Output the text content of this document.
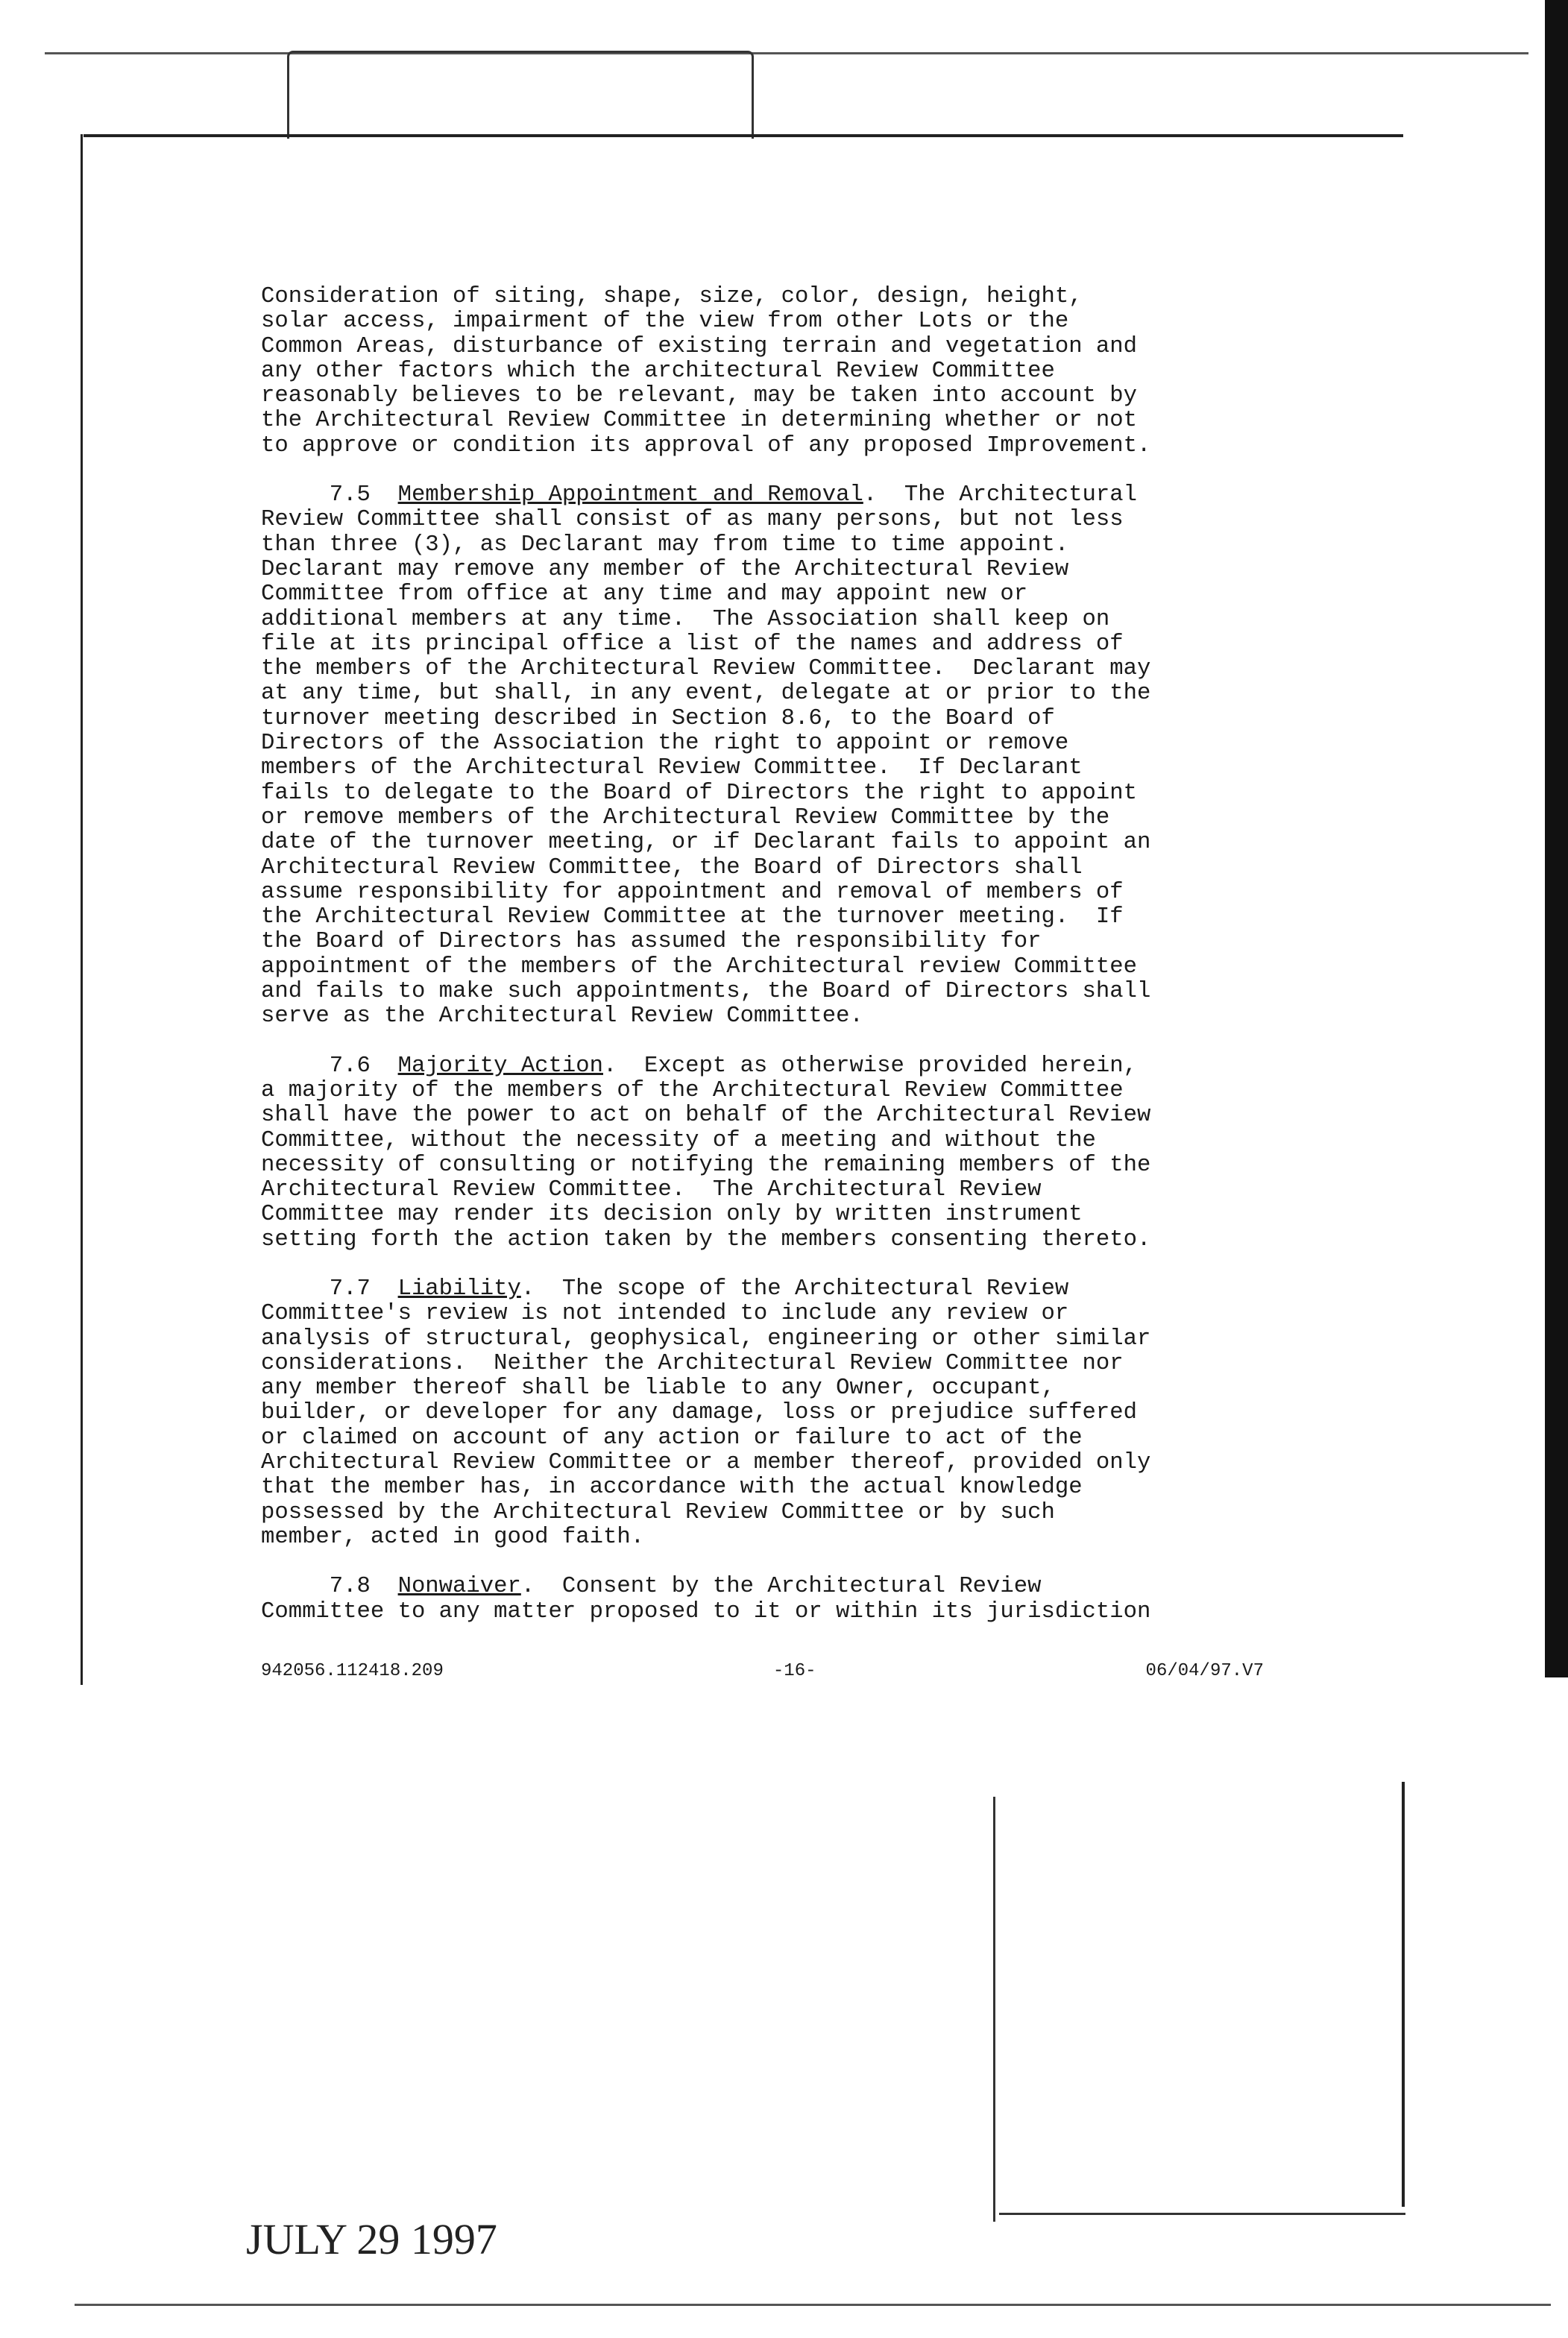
Consideration of siting, shape, size, color, design, height,
solar access, impairment of the view from other Lots or the
Common Areas, disturbance of existing terrain and vegetation and
any other factors which the architectural Review Committee
reasonably believes to be relevant, may be taken into account by
the Architectural Review Committee in determining whether or not
to approve or condition its approval of any proposed Improvement.

7.5  Membership Appointment and Removal.  The Architectural
Review Committee shall consist of as many persons, but not less
than three (3), as Declarant may from time to time appoint.
Declarant may remove any member of the Architectural Review
Committee from office at any time and may appoint new or
additional members at any time.  The Association shall keep on
file at its principal office a list of the names and address of
the members of the Architectural Review Committee.  Declarant may
at any time, but shall, in any event, delegate at or prior to the
turnover meeting described in Section 8.6, to the Board of
Directors of the Association the right to appoint or remove
members of the Architectural Review Committee.  If Declarant
fails to delegate to the Board of Directors the right to appoint
or remove members of the Architectural Review Committee by the
date of the turnover meeting, or if Declarant fails to appoint an
Architectural Review Committee, the Board of Directors shall
assume responsibility for appointment and removal of members of
the Architectural Review Committee at the turnover meeting.  If
the Board of Directors has assumed the responsibility for
appointment of the members of the Architectural review Committee
and fails to make such appointments, the Board of Directors shall
serve as the Architectural Review Committee.

7.6  Majority Action.  Except as otherwise provided herein,
a majority of the members of the Architectural Review Committee
shall have the power to act on behalf of the Architectural Review
Committee, without the necessity of a meeting and without the
necessity of consulting or notifying the remaining members of the
Architectural Review Committee.  The Architectural Review
Committee may render its decision only by written instrument
setting forth the action taken by the members consenting thereto.

7.7  Liability.  The scope of the Architectural Review
Committee's review is not intended to include any review or
analysis of structural, geophysical, engineering or other similar
considerations.  Neither the Architectural Review Committee nor
any member thereof shall be liable to any Owner, occupant,
builder, or developer for any damage, loss or prejudice suffered
or claimed on account of any action or failure to act of the
Architectural Review Committee or a member thereof, provided only
that the member has, in accordance with the actual knowledge
possessed by the Architectural Review Committee or by such
member, acted in good faith.

7.8  Nonwaiver.  Consent by the Architectural Review
Committee to any matter proposed to it or within its jurisdiction

942056.112418.209	-16-	06/04/97.V7
JULY 29 1997
